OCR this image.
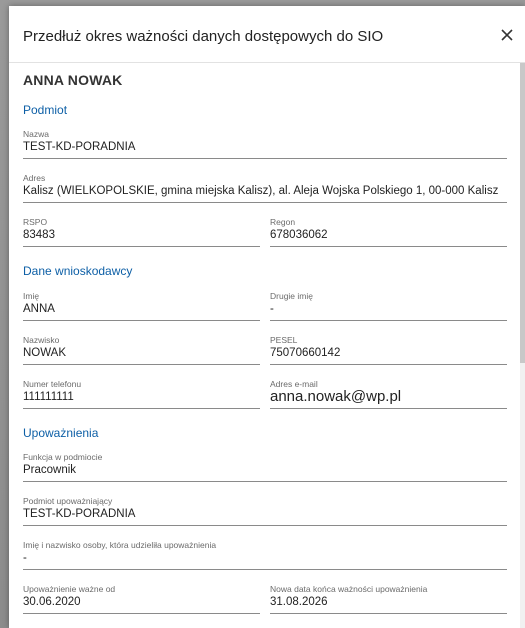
Przedłuż okres ważności danych dostępowych do SIO
ANNA NOWAK
Podmiot
Nazwa
TEST-KD-PORADNIA
Adres
Kalisz (WIELKOPOLSKIE, gmina miejska Kalisz), al. Aleja Wojska Polskiego 1, 00-000 Kalisz
RSPO
83483
Regon
678036062
Dane wnioskodawcy
Imię
ANNA
Drugie imię
-
Nazwisko
NOWAK
PESEL
75070660142
Numer telefonu
111111111
Adres e-mail
anna.nowak@wp.pl
Upoważnienia
Funkcja w podmiocie
Pracownik
Podmiot upoważniający
TEST-KD-PORADNIA
Imię i nazwisko osoby, która udzieliła upoważnienia
-
Upoważnienie ważne od
30.06.2020
Nowa data końca ważności upoważnienia
31.08.2026
